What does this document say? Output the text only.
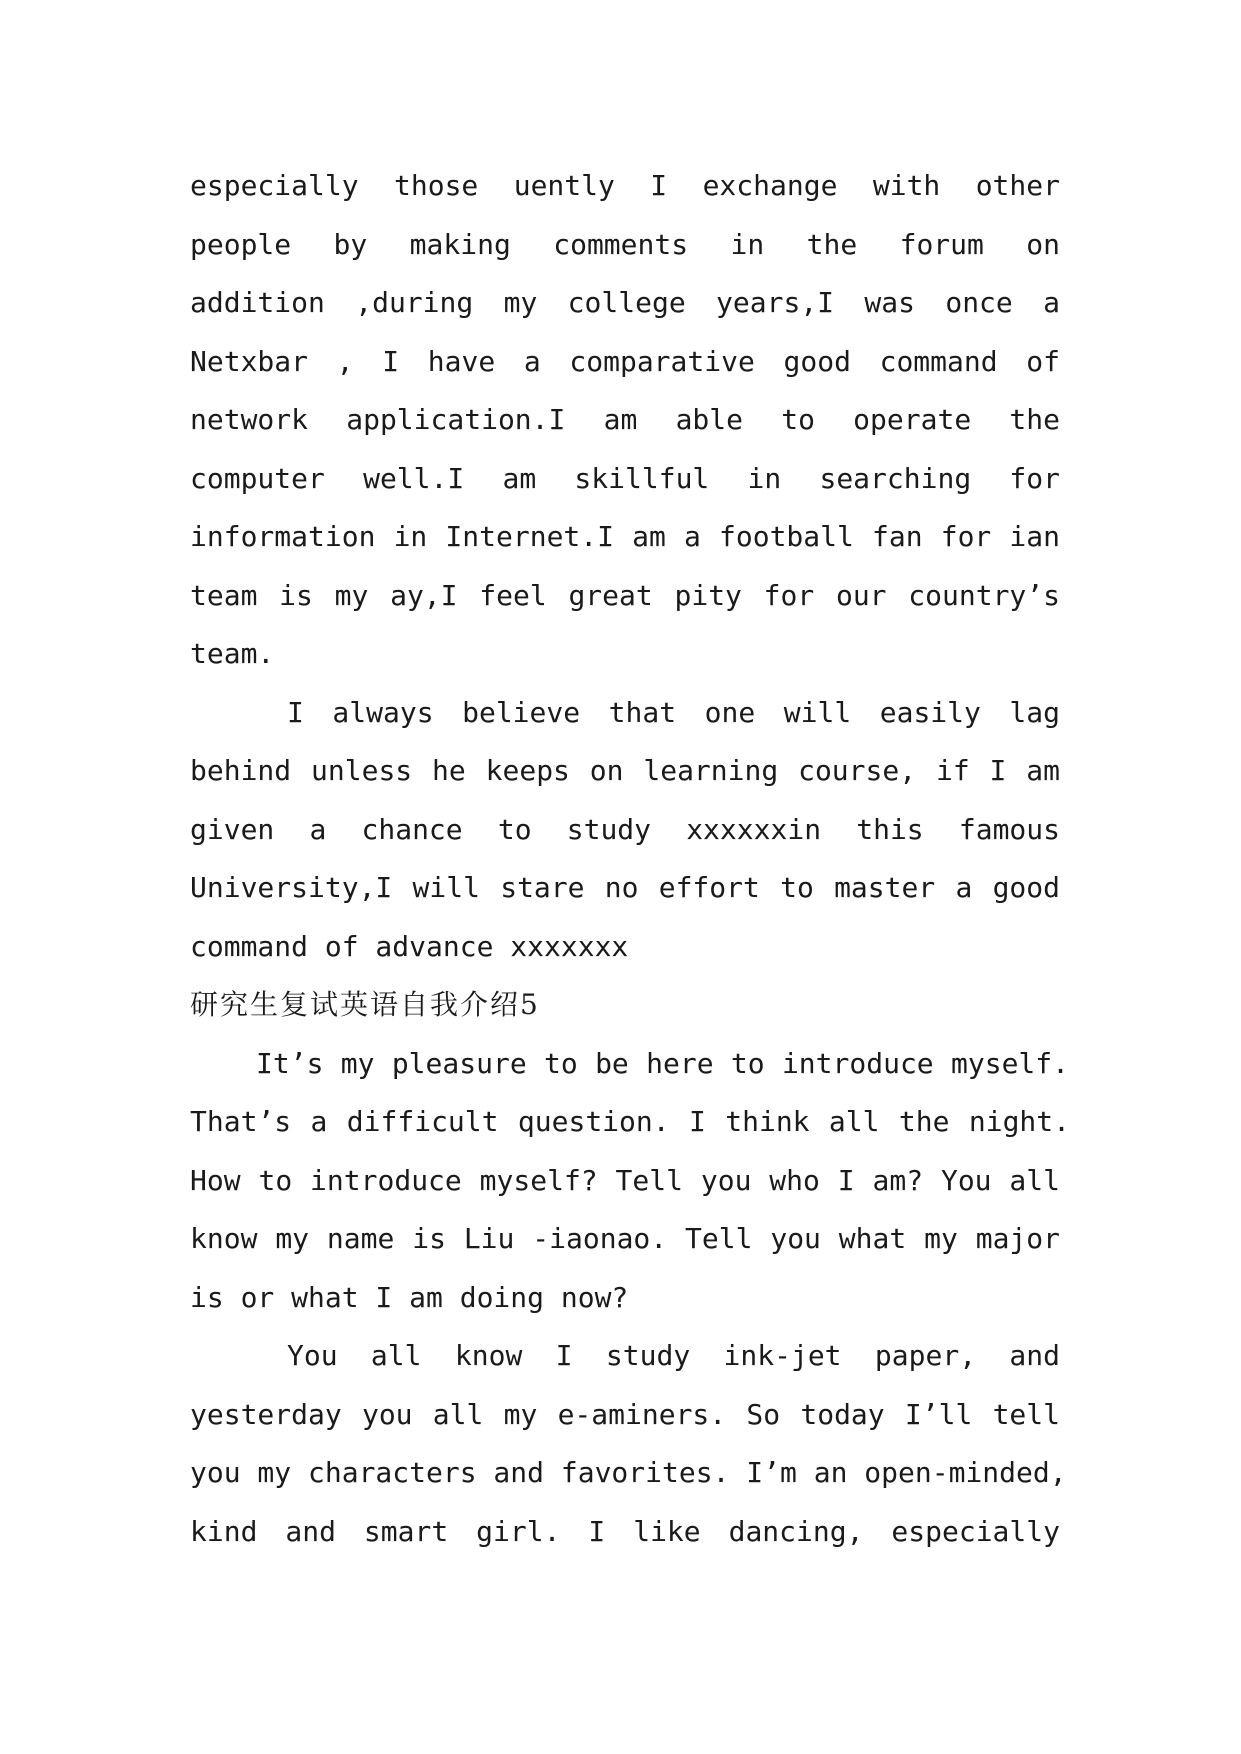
especially those uently I exchange with other
people by making comments in the forum on
addition ,during my college years,I was once a
Netxbar , I have a comparative good command of
network application.I am able to operate the
computer well.I am skillful in searching for
information in Internet.I am a football fan for ian
team is my ay,I feel great pity for our country’s
team.
I always believe that one will easily lag
behind unless he keeps on learning course, if I am
given a chance to study xxxxxxin this famous
University,I will stare no effort to master a good
command of advance xxxxxxx
研究生复试英语自我介绍5
It’s my pleasure to be here to introduce myself.
That’s a difficult question. I think all the night.
How to introduce myself? Tell you who I am? You all
know my name is Liu -iaonao. Tell you what my major
is or what I am doing now?
You all know I study ink-jet paper, and
yesterday you all my e-aminers. So today I’ll tell
you my characters and favorites. I’m an open-minded,
kind and smart girl. I like dancing, especially
